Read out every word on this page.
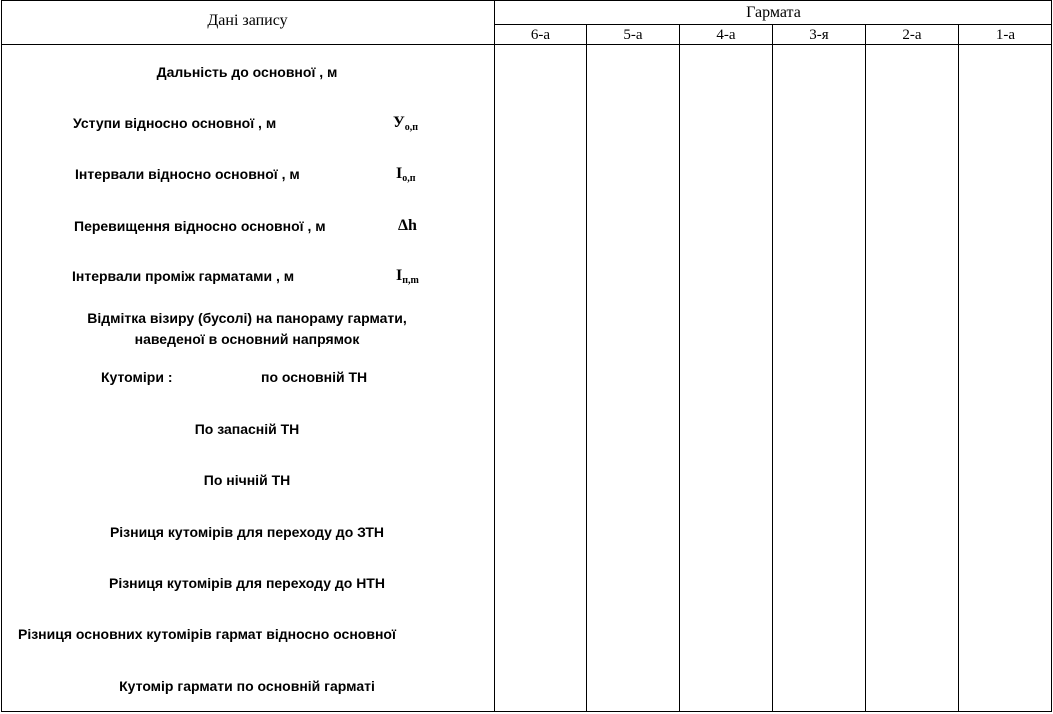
Дані запису	Гармата
6-а	5-а	4-а	3-я	2-а	1-а
Дальність до основної , м
Уступи відносно основної , м	$У_{о,п}$
Інтервали відносно основної , м	$І_{о,п}$
Перевищення відносно основної , м	Δh
Інтервали проміж гарматами , м	$І_{п,m}$
Відмітка візиру (бусолі) на панораму гармати,
наведеної в основний напрямок
Кутоміри :	по основній ТН
По запасній ТН
По нічній ТН
Різниця кутомірів для переходу до ЗТН
Різниця кутомірів для переходу до НТН
Різниця основних кутомірів гармат відносно основної
Кутомір гармати по основній гарматі
